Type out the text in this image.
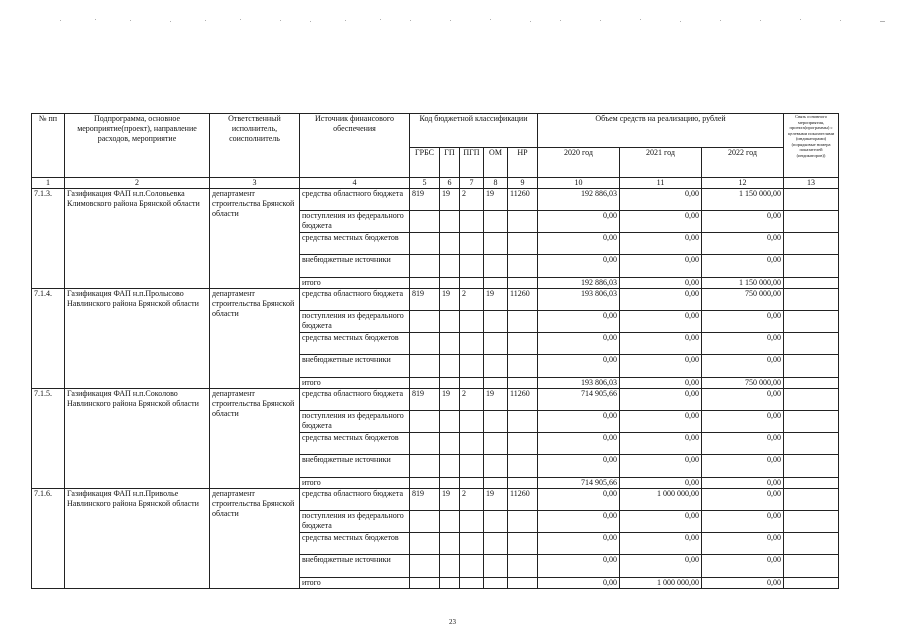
№ пп	Подпрограмма, основное мероприятие(проект), направление расходов, мероприятие	Ответственный исполнитель, соисполнитель	Источник финансового обеспечения	Код бюджетной классификации					Объем средств на реализацию, рублей			Связь основного мероприятия, проекта(программы) с целевыми показателями (индикаторами) (порядковые номера показателей (индикаторов))
				ГРБС	ГП	ПГП	ОМ	НР	2020 год	2021 год	2022 год	
1	2	3	4	5	6	7	8	9	10	11	12	13
7.1.3.	Газификация ФАП н.п.Соловьевка Климовского района Брянской области	департамент строительства Брянской области	средства областного бюджета	819	19	2	19	11260	192 886,03	0,00	1 150 000,00	
			поступления из федерального бюджета						0,00	0,00	0,00	
			средства местных бюджетов						0,00	0,00	0,00	
			внебюджетные источники						0,00	0,00	0,00	
			итого						192 886,03	0,00	1 150 000,00	
7.1.4.	Газификация ФАП н.п.Пролысово Навлинского района Брянской области	департамент строительства Брянской области	средства областного бюджета	819	19	2	19	11260	193 806,03	0,00	750 000,00	
			поступления из федерального бюджета						0,00	0,00	0,00	
			средства местных бюджетов						0,00	0,00	0,00	
			внебюджетные источники						0,00	0,00	0,00	
			итого						193 806,03	0,00	750 000,00	
7.1.5.	Газификация ФАП н.п.Соколово Навлинского района Брянской области	департамент строительства Брянской области	средства областного бюджета	819	19	2	19	11260	714 905,66	0,00	0,00	
			поступления из федерального бюджета						0,00	0,00	0,00	
			средства местных бюджетов						0,00	0,00	0,00	
			внебюджетные источники						0,00	0,00	0,00	
			итого						714 905,66	0,00	0,00	
7.1.6.	Газификация ФАП н.п.Приволье Навлинского района Брянской области	департамент строительства Брянской области	средства областного бюджета	819	19	2	19	11260	0,00	1 000 000,00	0,00	
			поступления из федерального бюджета						0,00	0,00	0,00	
			средства местных бюджетов						0,00	0,00	0,00	
			внебюджетные источники						0,00	0,00	0,00	
			итого						0,00	1 000 000,00	0,00	
23
